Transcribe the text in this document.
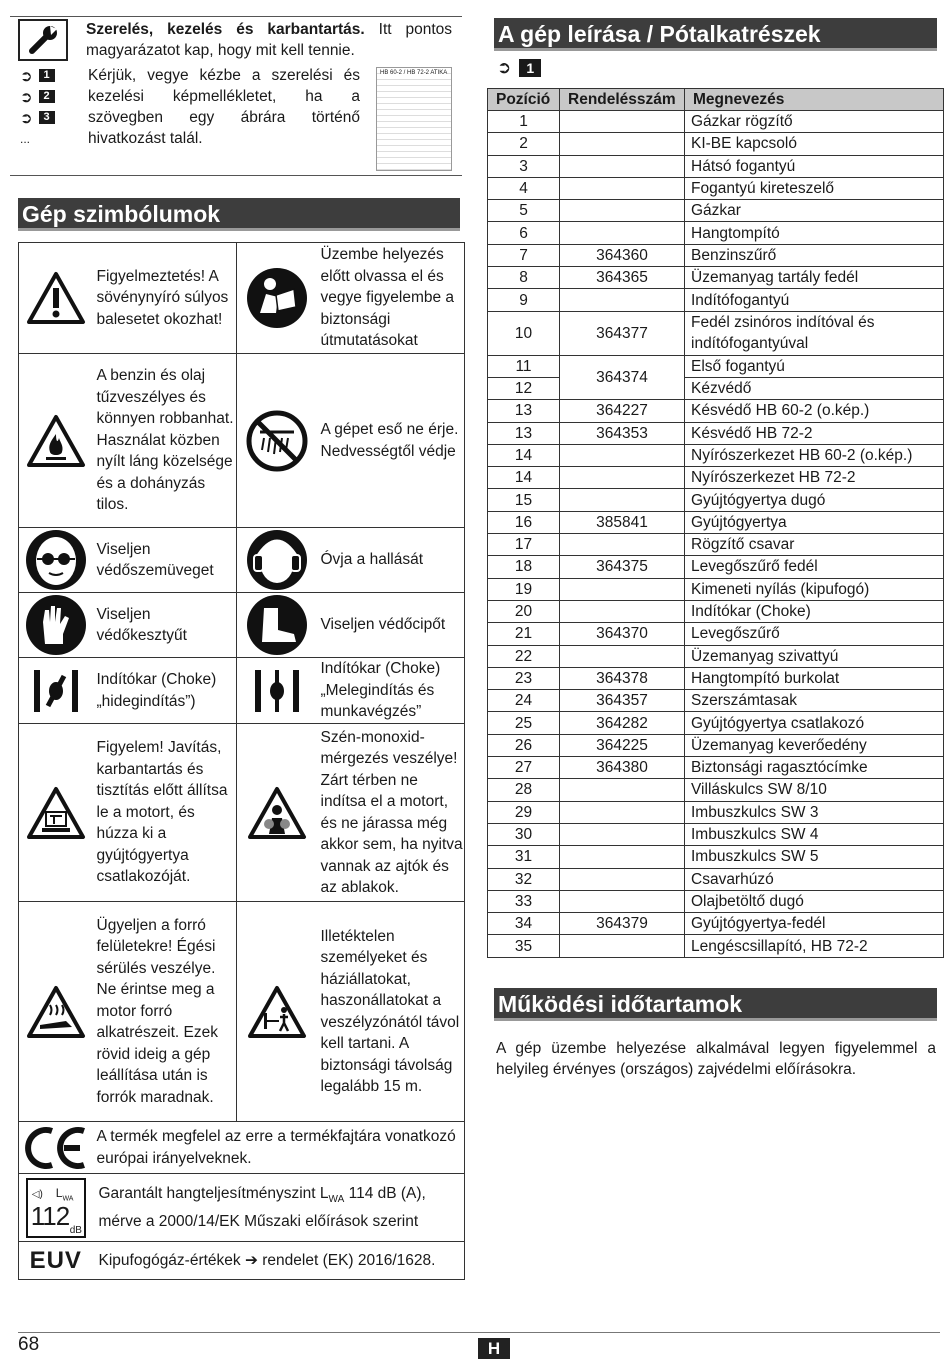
Szerelés, kezelés és karbantartás. Itt pontos magyarázatot kap, hogy mit kell tennie.
➲ 1
➲ 2
➲ 3
...
Kérjük, vegye kézbe a szerelési és kezelési képmellékletet, ha a szövegben egy ábrára történő hivatkozást talál.
HB 60-2 / HB 72-2 ATIKA
Gép szimbólumok
	Figyelmeztetés! A sövénynyíró súlyos balesetet okozhat!		Üzembe helyezés előtt olvassa el és vegye figyelembe a biztonsági útmutatásokat

	A benzin és olaj tűzveszélyes és könnyen robbanhat. Használat közben nyílt láng közelsége és a dohányzás tilos.		A gépet eső ne érje. Nedvességtől védje

	Viseljen védőszemüveget		Óvja a hallását

	Viseljen védőkesztyűt		Viseljen védőcipőt

	Indítókar (Choke) „hidegindítás”)		Indítókar (Choke) „Melegindítás és munkavégzés”

	Figyelem! Javítás, karbantartás és tisztítás előtt állítsa le a motort, és húzza ki a gyújtógyertya csatlakozóját.		Szén-monoxid-mérgezés veszélye! Zárt térben ne indítsa el a motort, és ne járassa még akkor sem, ha nyitva vannak az ajtók és az ablakok.

	Ügyeljen a forró felületekre! Égési sérülés veszélye. Ne érintse meg a motor forró alkatrészeit. Ezek rövid ideig a gép leállítása után is forrók maradnak.		Illetéktelen személyeket és háziállatokat, haszonállatokat a veszélyzónától távol kell tartani. A biztonsági távolság legalább 15 m.

	A termék megfelel az erre a termékfajtára vonatkozó európai irányelveknek.		

◁) $L_{WA}$
112 dB	Garantált hangteljesítményszint $L_{WA}$ 114 dB (A),
mérve a 2000/14/EK Műszaki előírások szerint		
EUV	Kipufogógáz-értékek ➔ rendelet (EK) 2016/1628.		
A gép leírása / Pótalkatrészek
➲	1
Pozíció	Rendelésszám	Megnevezés
1		Gázkar rögzítő
2		KI-BE kapcsoló
3		Hátsó fogantyú
4		Fogantyú kireteszelő
5		Gázkar
6		Hangtompító
7	364360	Benzinszűrő
8	364365	Üzemanyag tartály fedél
9		Indítófogantyú
10	364377	Fedél zsinóros indítóval és indítófogantyúval
11	364374	Első fogantyú
12		Kézvédő
13	364227	Késvédő HB 60-2 (o.kép.)
13	364353	Késvédő HB 72-2
14		Nyírószerkezet HB 60-2 (o.kép.)
14		Nyírószerkezet HB 72-2
15		Gyújtógyertya dugó
16	385841	Gyújtógyertya
17		Rögzítő csavar
18	364375	Levegőszűrő fedél
19		Kimeneti nyílás (kipufogó)
20		Indítókar (Choke)
21	364370	Levegőszűrő
22		Üzemanyag szivattyú
23	364378	Hangtompító burkolat
24	364357	Szerszámtasak
25	364282	Gyújtógyertya csatlakozó
26	364225	Üzemanyag keverőedény
27	364380	Biztonsági ragasztócímke
28		Villáskulcs SW 8/10
29		Imbuszkulcs SW 3
30		Imbuszkulcs SW 4
31		Imbuszkulcs SW 5
32		Csavarhúzó
33		Olajbetöltő dugó
34	364379	Gyújtógyertya-fedél
35		Lengéscsillapító, HB 72-2
Működési időtartamok
A gép üzembe helyezése alkalmával legyen figyelemmel a helyileg érvényes (országos) zajvédelmi előírásokra.
68	H
